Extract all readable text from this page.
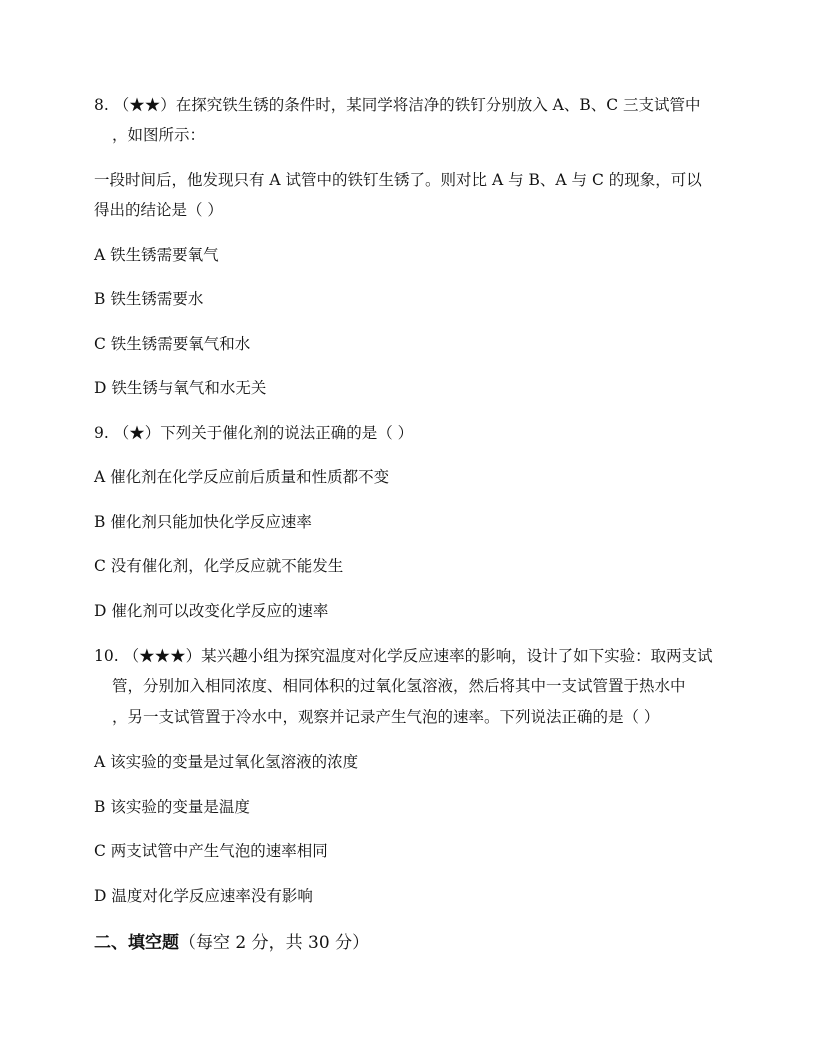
8. （★★）在探究铁生锈的条件时，某同学将洁净的铁钉分别放入 A、B、C 三支试管中

，如图所示：

一段时间后，他发现只有 A 试管中的铁钉生锈了。则对比 A 与 B、A 与 C 的现象，可以

得出的结论是（ ）

A 铁生锈需要氧气

B 铁生锈需要水

C 铁生锈需要氧气和水

D 铁生锈与氧气和水无关

9. （★）下列关于催化剂的说法正确的是（ ）

A 催化剂在化学反应前后质量和性质都不变

B 催化剂只能加快化学反应速率

C 没有催化剂，化学反应就不能发生

D 催化剂可以改变化学反应的速率

10. （★★★）某兴趣小组为探究温度对化学反应速率的影响，设计了如下实验：取两支试

管，分别加入相同浓度、相同体积的过氧化氢溶液，然后将其中一支试管置于热水中

，另一支试管置于冷水中，观察并记录产生气泡的速率。下列说法正确的是（ ）

A 该实验的变量是过氧化氢溶液的浓度

B 该实验的变量是温度

C 两支试管中产生气泡的速率相同

D 温度对化学反应速率没有影响

二、填空题（每空 2 分，共 30 分）
